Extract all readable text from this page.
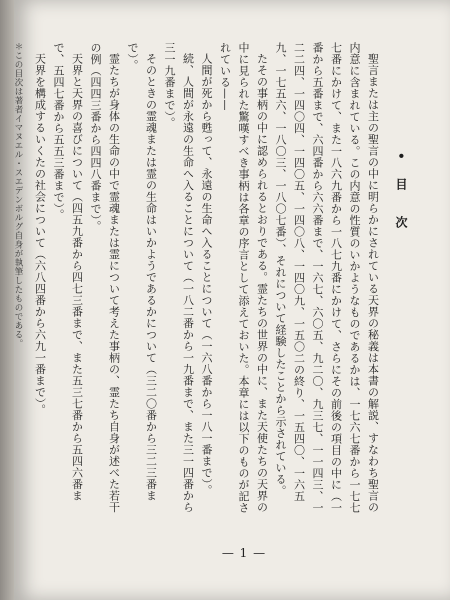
• 目　次
聖言または主の聖言の中に明らかにされている天界の秘義は本書の解説、すなわち聖言の内意に含まれている。この内意の性質のいかようなものであるかは、一七六七番から一七七七番にかけて、また一八六九番から一八七九番にかけて、さらにその前後の項目の中に（一番から五番まで、六四番から六六番まで、一六七、六〇五、九二〇、九三七、一一四三、一二二四、一四〇四、一四〇五、一四〇八、一四〇九、一五〇二の終り、一五四〇、一六五九、一七五六、一八〇三、一八〇七番）、それについて経験したことから示されている。
たその事柄の中に認められるとおりである。霊たちの世界の中に、また天使たちの天界の中に見られた驚嘆すべき事柄は各章の序言として添えておいた。本章には以下のものが記されている——
人間が死から甦って、永遠の生命へ入ることについて（一六八番から一八一番まで）。
続、人間が永遠の生命へ入ることについて（一八二番から一九番まで、また三一四番から三一九番まで）。
そのときの霊魂または霊の生命はいかようであるかについて（三二〇番から三二三番まで）。
霊たちが身体の生命の中で霊魂または霊について考えた事柄の、霊たち自身が述べた若干の例（四四三番から四四八番まで）。
天界と天界の喜びについて（四五九番から四七三番まで、また五三七番から五四六番まで、五四七番から五五三番まで）。
天界を構成するいくたの社会について（六八四番から六九一番まで）。
＊この目次は著者イマヌエル・スエデンボルグ自身が執筆したものである。
— 1 —
